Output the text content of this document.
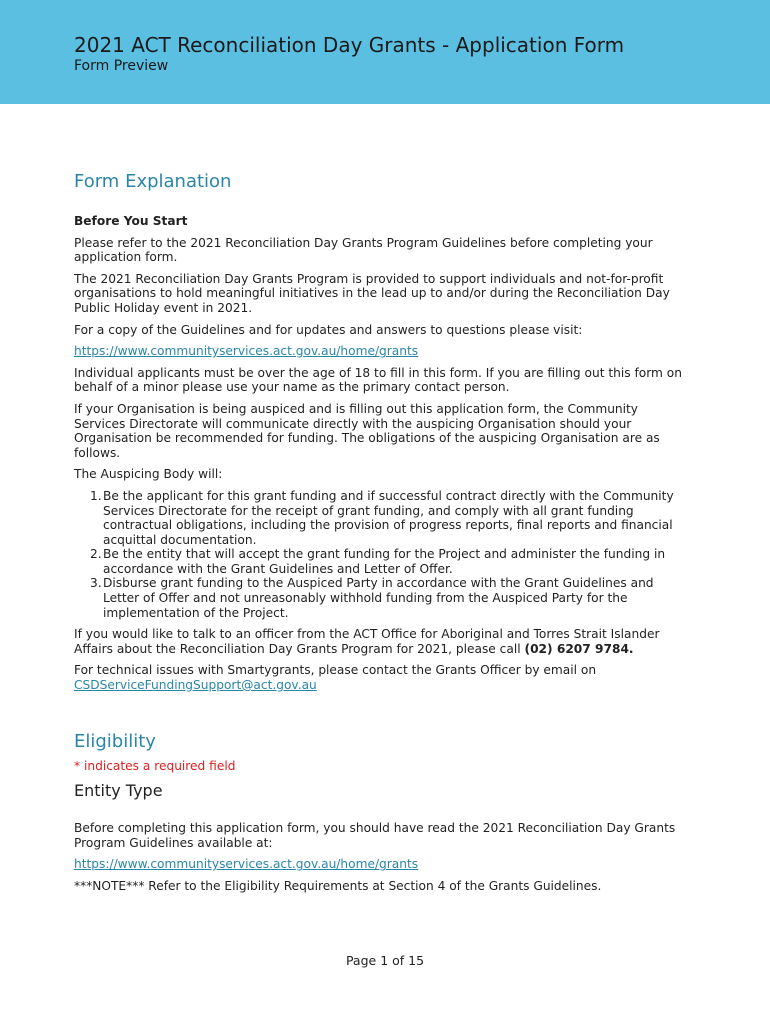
2021 ACT Reconciliation Day Grants - Application Form
Form Preview
Form Explanation

Before You Start

Please refer to the 2021 Reconciliation Day Grants Program Guidelines before completing your application form.

The 2021 Reconciliation Day Grants Program is provided to support individuals and not-for-profit organisations to hold meaningful initiatives in the lead up to and/or during the Reconciliation Day Public Holiday event in 2021.

For a copy of the Guidelines and for updates and answers to questions please visit:

https://www.communityservices.act.gov.au/home/grants

Individual applicants must be over the age of 18 to fill in this form. If you are filling out this form on behalf of a minor please use your name as the primary contact person.

If your Organisation is being auspiced and is filling out this application form, the Community Services Directorate will communicate directly with the auspicing Organisation should your Organisation be recommended for funding. The obligations of the auspicing Organisation are as follows.

The Auspicing Body will:

1. Be the applicant for this grant funding and if successful contract directly with the Community Services Directorate for the receipt of grant funding, and comply with all grant funding contractual obligations, including the provision of progress reports, final reports and financial acquittal documentation.
2. Be the entity that will accept the grant funding for the Project and administer the funding in accordance with the Grant Guidelines and Letter of Offer.
3. Disburse grant funding to the Auspiced Party in accordance with the Grant Guidelines and Letter of Offer and not unreasonably withhold funding from the Auspiced Party for the implementation of the Project.

If you would like to talk to an officer from the ACT Office for Aboriginal and Torres Strait Islander Affairs about the Reconciliation Day Grants Program for 2021, please call (02) 6207 9784.

For technical issues with Smartygrants, please contact the Grants Officer by email on
CSDServiceFundingSupport@act.gov.au

Eligibility

* indicates a required field

Entity Type

Before completing this application form, you should have read the 2021 Reconciliation Day Grants Program Guidelines available at:

https://www.communityservices.act.gov.au/home/grants

***NOTE*** Refer to the Eligibility Requirements at Section 4 of the Grants Guidelines.

Page 1 of 15
